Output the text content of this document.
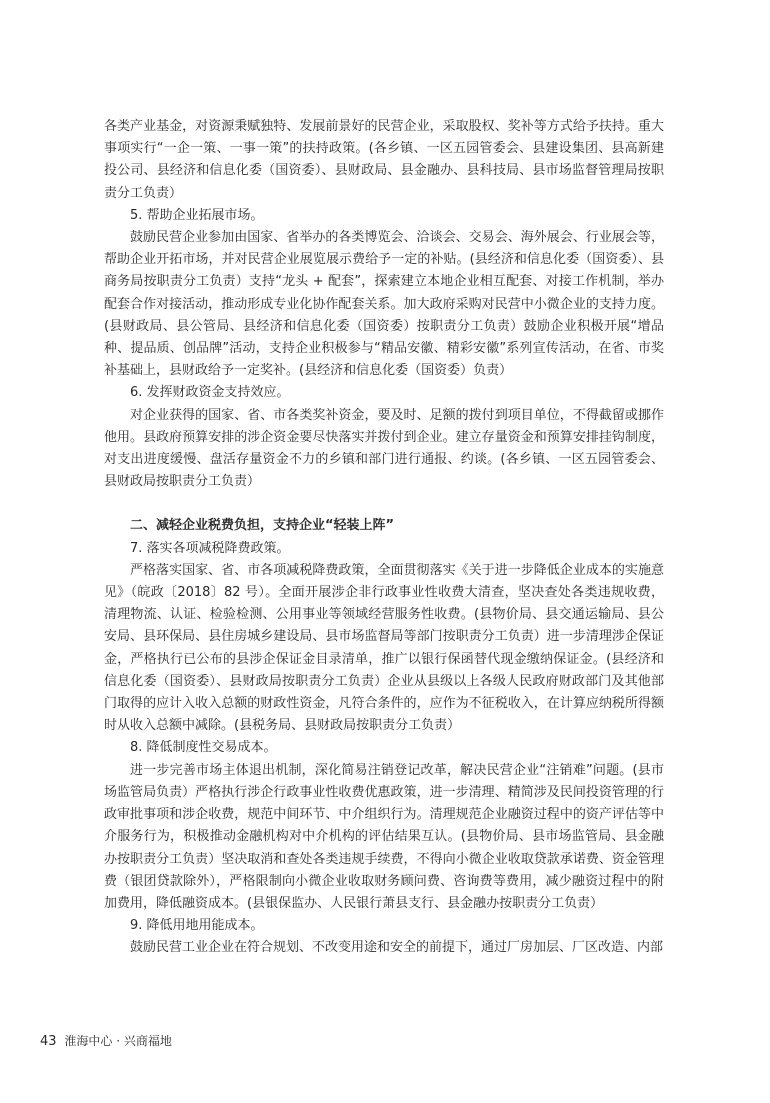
各类产业基金，对资源秉赋独特、发展前景好的民营企业，采取股权、奖补等方式给予扶持。重大事项实行“一企一策、一事一策”的扶持政策。(各乡镇、一区五园管委会、县建设集团、县高新建投公司、县经济和信息化委（国资委）、县财政局、县金融办、县科技局、县市场监督管理局按职责分工负责）

5. 帮助企业拓展市场。

鼓励民营企业参加由国家、省举办的各类博览会、洽谈会、交易会、海外展会、行业展会等，帮助企业开拓市场，并对民营企业展览展示费给予一定的补贴。(县经济和信息化委（国资委）、县商务局按职责分工负责）支持“龙头 + 配套”，探索建立本地企业相互配套、对接工作机制，举办配套合作对接活动，推动形成专业化协作配套关系。加大政府采购对民营中小微企业的支持力度。(县财政局、县公管局、县经济和信息化委（国资委）按职责分工负责）鼓励企业积极开展“增品种、提品质、创品牌”活动，支持企业积极参与“精品安徽、精彩安徽”系列宣传活动，在省、市奖补基础上，县财政给予一定奖补。(县经济和信息化委（国资委）负责）

6. 发挥财政资金支持效应。

对企业获得的国家、省、市各类奖补资金，要及时、足额的拨付到项目单位，不得截留或挪作他用。县政府预算安排的涉企资金要尽快落实并拨付到企业。建立存量资金和预算安排挂钩制度，对支出进度缓慢、盘活存量资金不力的乡镇和部门进行通报、约谈。(各乡镇、一区五园管委会、县财政局按职责分工负责）

二、减轻企业税费负担，支持企业“轻装上阵”

7. 落实各项减税降费政策。

严格落实国家、省、市各项减税降费政策，全面贯彻落实《关于进一步降低企业成本的实施意见》（皖政〔2018〕82 号）。全面开展涉企非行政事业性收费大清查，坚决查处各类违规收费，清理物流、认证、检验检测、公用事业等领域经营服务性收费。(县物价局、县交通运输局、县公安局、县环保局、县住房城乡建设局、县市场监督局等部门按职责分工负责）进一步清理涉企保证金，严格执行已公布的县涉企保证金目录清单，推广以银行保函替代现金缴纳保证金。(县经济和信息化委（国资委）、县财政局按职责分工负责）企业从县级以上各级人民政府财政部门及其他部门取得的应计入收入总额的财政性资金，凡符合条件的，应作为不征税收入，在计算应纳税所得额时从收入总额中减除。(县税务局、县财政局按职责分工负责）

8. 降低制度性交易成本。

进一步完善市场主体退出机制，深化简易注销登记改革，解决民营企业“注销难”问题。(县市场监管局负责）严格执行涉企行政事业性收费优惠政策，进一步清理、精简涉及民间投资管理的行政审批事项和涉企收费，规范中间环节、中介组织行为。清理规范企业融资过程中的资产评估等中介服务行为，积极推动金融机构对中介机构的评估结果互认。(县物价局、县市场监管局、县金融办按职责分工负责）坚决取消和查处各类违规手续费，不得向小微企业收取贷款承诺费、资金管理费（银团贷款除外），严格限制向小微企业收取财务顾问费、咨询费等费用，减少融资过程中的附加费用，降低融资成本。(县银保监办、人民银行萧县支行、县金融办按职责分工负责）

9. 降低用地用能成本。

鼓励民营工业企业在符合规划、不改变用途和安全的前提下，通过厂房加层、厂区改造、内部

43 淮海中心 · 兴商福地
